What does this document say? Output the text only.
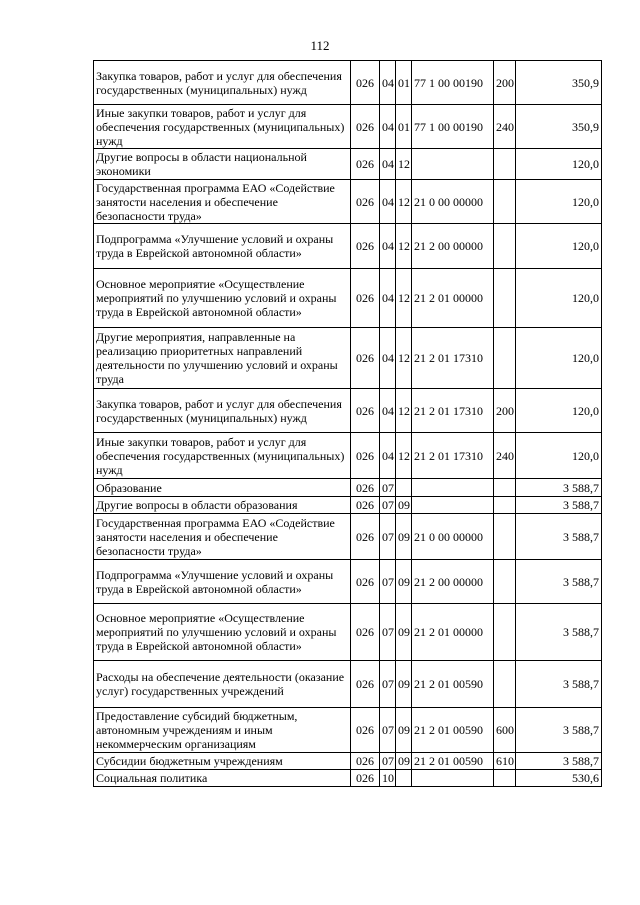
112
Закупка товаров, работ и услуг для обеспечения государственных (муниципальных) нужд	026	04	01	77 1 00 00190	200	350,9
Иные закупки товаров, работ и услуг для обеспечения государственных (муниципальных) нужд	026	04	01	77 1 00 00190	240	350,9
Другие вопросы в области национальной экономики	026	04	12			120,0
Государственная программа ЕАО «Содействие занятости населения и обеспечение безопасности труда»	026	04	12	21 0 00 00000		120,0
Подпрограмма «Улучшение условий и охраны труда в Еврейской автономной области»	026	04	12	21 2 00 00000		120,0
Основное мероприятие «Осуществление мероприятий по улучшению условий и охраны труда в Еврейской автономной области»	026	04	12	21 2 01 00000		120,0
Другие мероприятия, направленные на реализацию приоритетных направлений деятельности по улучшению условий и охраны труда	026	04	12	21 2 01 17310		120,0
Закупка товаров, работ и услуг для обеспечения государственных (муниципальных) нужд	026	04	12	21 2 01 17310	200	120,0
Иные закупки товаров, работ и услуг для обеспечения государственных (муниципальных) нужд	026	04	12	21 2 01 17310	240	120,0
Образование	026	07				3 588,7
Другие вопросы в области образования	026	07	09			3 588,7
Государственная программа ЕАО «Содействие занятости населения и обеспечение безопасности труда»	026	07	09	21 0 00 00000		3 588,7
Подпрограмма «Улучшение условий и охраны труда в Еврейской автономной области»	026	07	09	21 2 00 00000		3 588,7
Основное мероприятие «Осуществление мероприятий по улучшению условий и охраны труда в Еврейской автономной области»	026	07	09	21 2 01 00000		3 588,7
Расходы на обеспечение деятельности (оказание услуг) государственных учреждений	026	07	09	21 2 01 00590		3 588,7
Предоставление субсидий бюджетным, автономным учреждениям и иным некоммерческим организациям	026	07	09	21 2 01 00590	600	3 588,7
Субсидии бюджетным учреждениям	026	07	09	21 2 01 00590	610	3 588,7
Социальная политика	026	10				530,6
